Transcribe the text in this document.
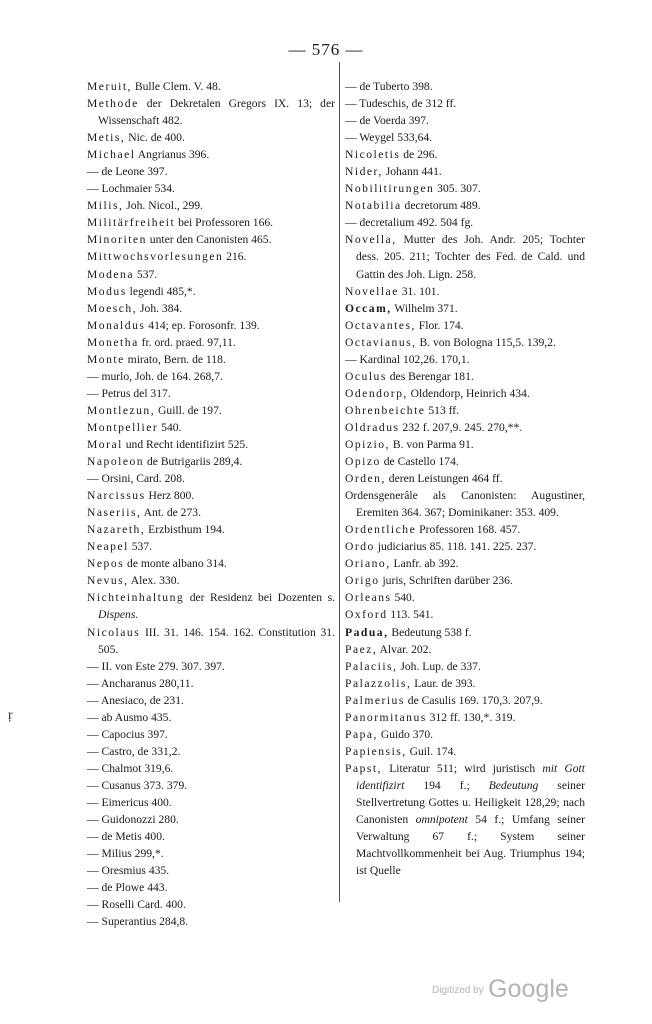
— 576 —

Meruit, Bulle Clem. V. 48.

Methode der Dekretalen Gregors IX. 13; der Wissenschaft 482.

Metis, Nic. de 400.

Michael Angrianus 396.

— de Leone 397.

— Lochmaier 534.

Milis, Joh. Nicol., 299.

Militärfreiheit bei Professoren 166.

Minoriten unter den Canonisten 465.

Mittwochsvorlesungen 216.

Modena 537.

Modus legendi 485,*.

Moesch, Joh. 384.

Monaldus 414; ep. Forosonfr. 139.

Monetha fr. ord. praed. 97,11.

Monte mirato, Bern. de 118.

— murlo, Joh. de 164. 268,7.

— Petrus del 317.

Montlezun, Guill. de 197.

Montpellier 540.

Moral und Recht identifizirt 525.

Napoleon de Butrigariis 289,4.

— Orsini, Card. 208.

Narcissus Herz 800.

Naseriis, Ant. de 273.

Nazareth, Erzbisthum 194.

Neapel 537.

Nepos de monte albano 314.

Nevus, Alex. 330.

Nichteinhaltung der Residenz bei Dozenten s. Dispens.

Nicolaus III. 31. 146. 154. 162. Constitution 31. 505.

— II. von Este 279. 307. 397.

— Ancharanus 280,11.

— Anesiaco, de 231.

— ab Ausmo 435.

— Capocius 397.

— Castro, de 331,2.

— Chalmot 319,6.

— Cusanus 373. 379.

— Eimericus 400.

— Guidonozzi 280.

— de Metis 400.

— Milius 299,*.

— Oresmius 435.

— de Plowe 443.

— Roselli Card. 400.

— Superantius 284,8.

— de Tuberto 398.

— Tudeschis, de 312 ff.

— de Voerda 397.

— Weygel 533,64.

Nicoletis de 296.

Nider, Johann 441.

Nobilitirungen 305. 307.

Notabilia decretorum 489.

— decretalium 492. 504 fg.

Novella, Mutter des Joh. Andr. 205; Tochter dess. 205. 211; Tochter des Fed. de Cald. und Gattin des Joh. Lign. 258.

Novellae 31. 101.

Occam, Wilhelm 371.

Octavantes, Flor. 174.

Octavianus, B. von Bologna 115,5. 139,2.

— Kardinal 102,26. 170,1.

Oculus des Berengar 181.

Odendorp, Oldendorp, Heinrich 434.

Ohrenbeichte 513 ff.

Oldradus 232 f. 207,9. 245. 270,**.

Opizio, B. von Parma 91.

Opizo de Castello 174.

Orden, deren Leistungen 464 ff.

Ordensgenerâle als Canonisten: Augustiner, Eremiten 364. 367; Dominikaner: 353. 409.

Ordentliche Professoren 168. 457.

Ordo judiciarius 85. 118. 141. 225. 237.

Oriano, Lanfr. ab 392.

Origo juris, Schriften darüber 236.

Orleans 540.

Oxford 113. 541.

Padua, Bedeutung 538 f.

Paez, Alvar. 202.

Palaciis, Joh. Lup. de 337.

Palazzolis, Laur. de 393.

Palmerius de Casulis 169. 170,3. 207,9.

Panormitanus 312 ff. 130,*. 319.

Papa, Guido 370.

Papiensis, Guil. 174.

Papst, Literatur 511; wird juristisch mit Gott identifizirt 194 f.; Bedeutung seiner Stellvertretung Gottes u. Heiligkeit 128,29; nach Canonisten omnipotent 54 f.; Umfang seiner Verwaltung 67 f.; System seiner Machtvollkommenheit bei Aug. Triumphus 194; ist Quelle

ŗ
$^{Digitized by}$ Google
